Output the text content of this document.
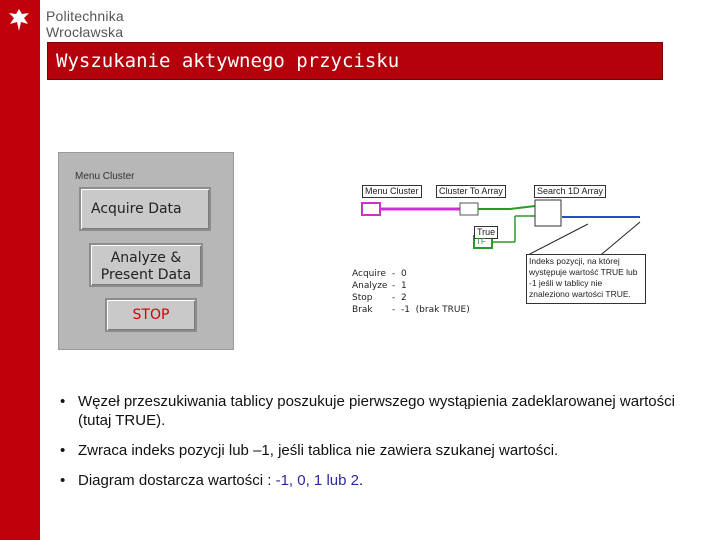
Politechnika Wrocławska
Wyszukanie aktywnego przycisku
Menu Cluster
Acquire Data
Analyze &
Present Data
STOP
Menu Cluster	Cluster To Array	Search 1D Array
True
TF
Acquire
Analyze
Stop
Brak
-  0
-  1
-  2
-  -1  (brak TRUE)
Indeks pozycji, na której występuje wartość TRUE lub -1 jeśli w tablicy nie znaleziono wartości TRUE.
• Węzeł przeszukiwania tablicy poszukuje pierwszego wystąpienia zadeklarowanej wartości (tutaj TRUE).
• Zwraca indeks pozycji lub –1, jeśli tablica nie zawiera szukanej wartości.
• Diagram dostarcza wartości : -1, 0, 1 lub 2.
